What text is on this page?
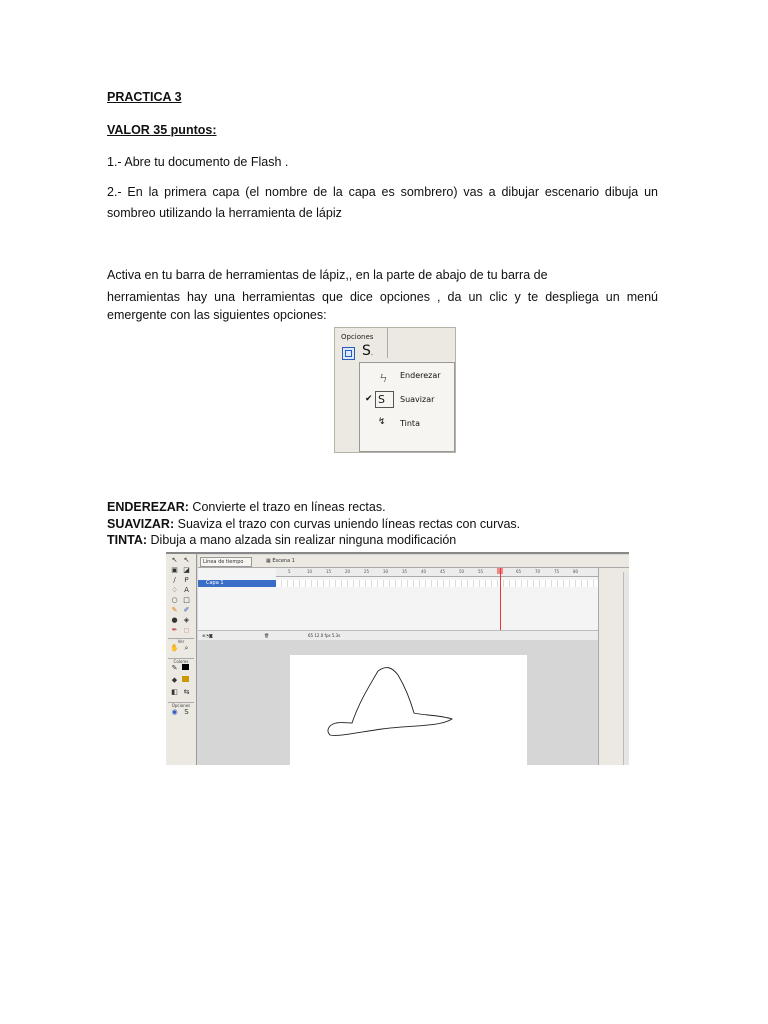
PRACTICA 3
VALOR 35 puntos:
1.- Abre tu documento de Flash .
2.- En la primera capa (el nombre de la capa es sombrero) vas a dibujar escenario dibuja un
sombreo utilizando la herramienta de lápiz
Activa en tu barra de herramientas de lápiz,, en la parte de abajo de tu barra de
herramientas hay una herramientas que dice opciones , da un clic y te despliega un menú
emergente con las siguientes opciones:
ENDEREZAR: Convierte el trazo en líneas rectas.
SUAVIZAR: Suaviza el trazo con curvas uniendo líneas rectas con curvas.
TINTA: Dibuja a mano alzada sin realizar ninguna modificación
Opciones
S.
ㄣ Enderezar
✔ S Suavizar
↯ Tinta
↖ ↖
▣ ◪
/	ᑭ
♢ A
○ □
✎ ✐
● ◈
✒ ◻
Ver
✋ ⌕
Colores
✎
◆
◧ ⇆
Opciones
◉ S
Línea de tiempo	▦ Escena 1
5	10	15	20	25	30	35	40	45	50	55	65	70	75	80
Capa 1
⊕◔◙	🗑	65 12.0 fps 5.3s
